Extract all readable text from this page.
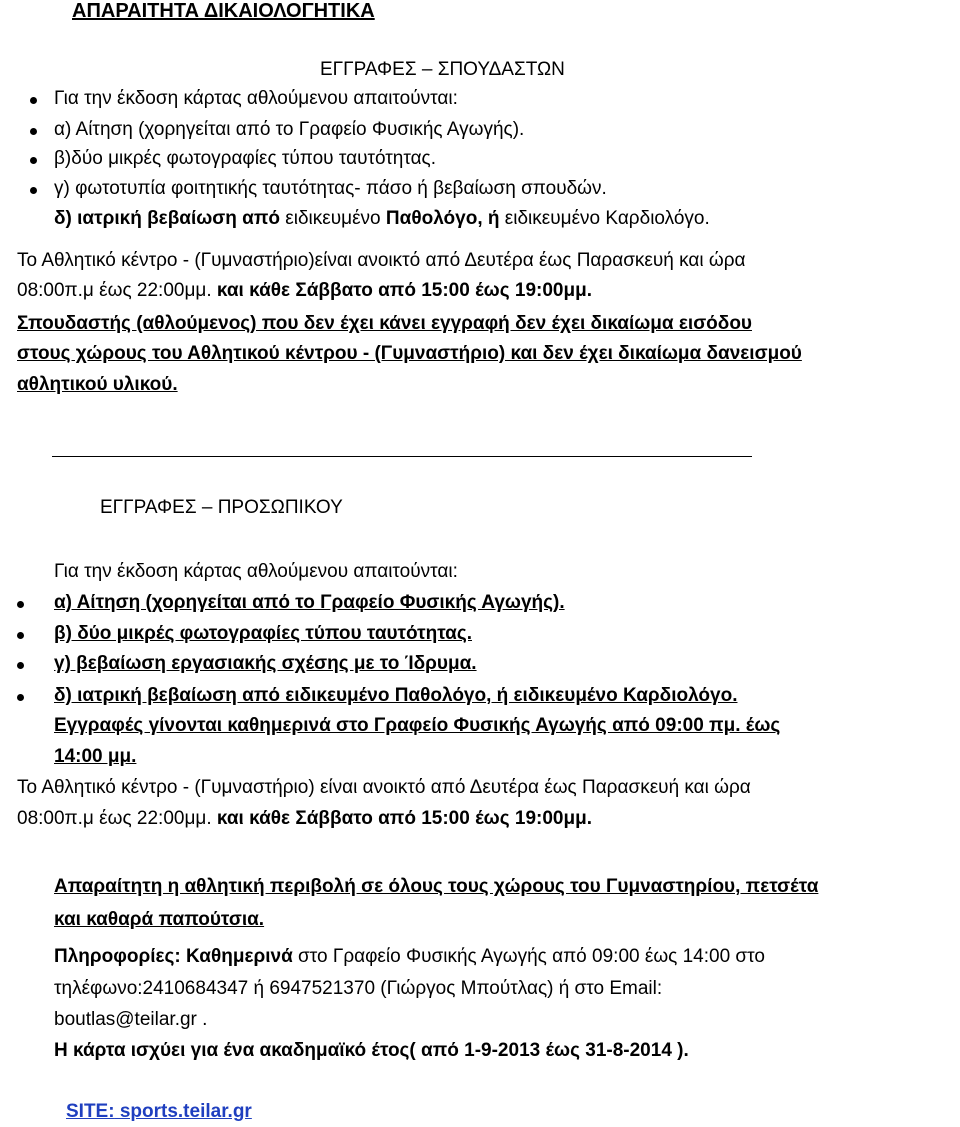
ΑΠΑΡΑΙΤΗΤΑ ΔΙΚΑΙΟΛΟΓΗΤΙΚΑ
ΕΓΓΡΑΦΕΣ – ΣΠΟΥΔΑΣΤΩΝ
Για την έκδοση κάρτας αθλούμενου απαιτούνται:
α) Αίτηση (χορηγείται από το Γραφείο Φυσικής Αγωγής).
β)δύο μικρές φωτογραφίες τύπου ταυτότητας.
γ) φωτοτυπία φοιτητικής ταυτότητας- πάσο ή βεβαίωση σπουδών.
δ) ιατρική βεβαίωση από ειδικευμένο Παθολόγο, ή ειδικευμένο Καρδιολόγο.
Το Αθλητικό κέντρο - (Γυμναστήριο)είναι ανοικτό από Δευτέρα έως Παρασκευή και ώρα
08:00π.μ έως 22:00μμ. και κάθε Σάββατο από 15:00 έως 19:00μμ.
Σπουδαστής (αθλούμενος) που δεν έχει κάνει εγγραφή δεν έχει δικαίωμα εισόδου
στους χώρους του Αθλητικού κέντρου - (Γυμναστήριο) και δεν έχει δικαίωμα δανεισμού
αθλητικού υλικού.
ΕΓΓΡΑΦΕΣ – ΠΡΟΣΩΠΙΚΟΥ
Για την έκδοση κάρτας αθλούμενου απαιτούνται:
α) Αίτηση (χορηγείται από το Γραφείο Φυσικής Αγωγής).
β) δύο μικρές φωτογραφίες τύπου ταυτότητας.
γ) βεβαίωση εργασιακής σχέσης με το Ίδρυμα.
δ) ιατρική βεβαίωση από ειδικευμένο Παθολόγο, ή ειδικευμένο Καρδιολόγο.
Εγγραφές γίνονται καθημερινά στο Γραφείο Φυσικής Αγωγής από 09:00 πμ. έως
14:00 μμ.
Το Αθλητικό κέντρο - (Γυμναστήριο) είναι ανοικτό από Δευτέρα έως Παρασκευή και ώρα
08:00π.μ έως 22:00μμ. και κάθε Σάββατο από 15:00 έως 19:00μμ.
Απαραίτητη η αθλητική περιβολή σε όλους τους χώρους του Γυμναστηρίου, πετσέτα
και καθαρά παπούτσια.
Πληροφορίες: Καθημερινά στο Γραφείο Φυσικής Αγωγής από 09:00 έως 14:00 στο
τηλέφωνο:2410684347 ή 6947521370 (Γιώργος Μπούτλας) ή στο Email:
boutlas@teilar.gr .
Η κάρτα ισχύει για ένα ακαδημαϊκό έτος( από 1-9-2013 έως 31-8-2014 ).
SITE: sports.teilar.gr
